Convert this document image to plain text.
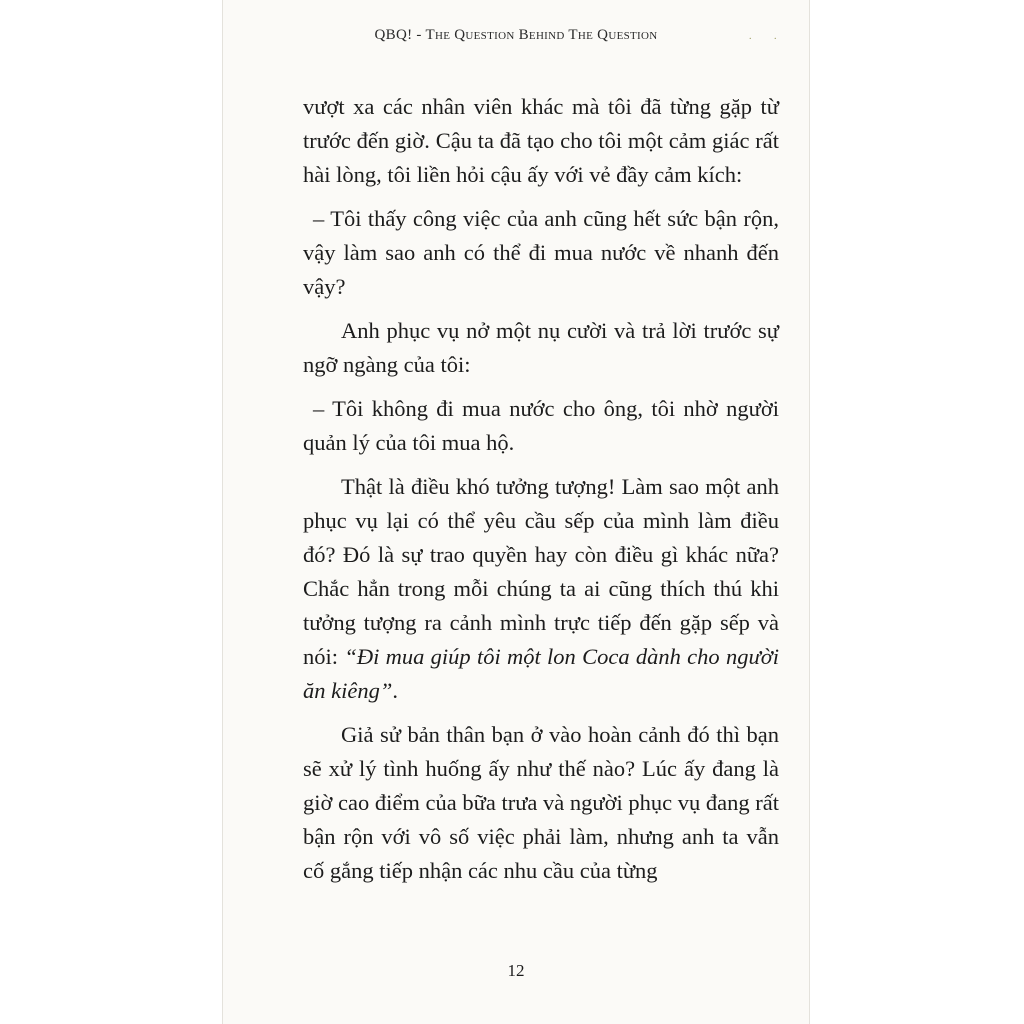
QBQ! - The Question Behind The Question	. .

vượt xa các nhân viên khác mà tôi đã từng gặp từ trước đến giờ. Cậu ta đã tạo cho tôi một cảm giác rất hài lòng, tôi liền hỏi cậu ấy với vẻ đầy cảm kích:

– Tôi thấy công việc của anh cũng hết sức bận rộn, vậy làm sao anh có thể đi mua nước về nhanh đến vậy?

Anh phục vụ nở một nụ cười và trả lời trước sự ngỡ ngàng của tôi:

– Tôi không đi mua nước cho ông, tôi nhờ người quản lý của tôi mua hộ.

Thật là điều khó tưởng tượng! Làm sao một anh phục vụ lại có thể yêu cầu sếp của mình làm điều đó? Đó là sự trao quyền hay còn điều gì khác nữa? Chắc hẳn trong mỗi chúng ta ai cũng thích thú khi tưởng tượng ra cảnh mình trực tiếp đến gặp sếp và nói: “Đi mua giúp tôi một lon Coca dành cho người ăn kiêng”.

Giả sử bản thân bạn ở vào hoàn cảnh đó thì bạn sẽ xử lý tình huống ấy như thế nào? Lúc ấy đang là giờ cao điểm của bữa trưa và người phục vụ đang rất bận rộn với vô số việc phải làm, nhưng anh ta vẫn cố gắng tiếp nhận các nhu cầu của từng

12
